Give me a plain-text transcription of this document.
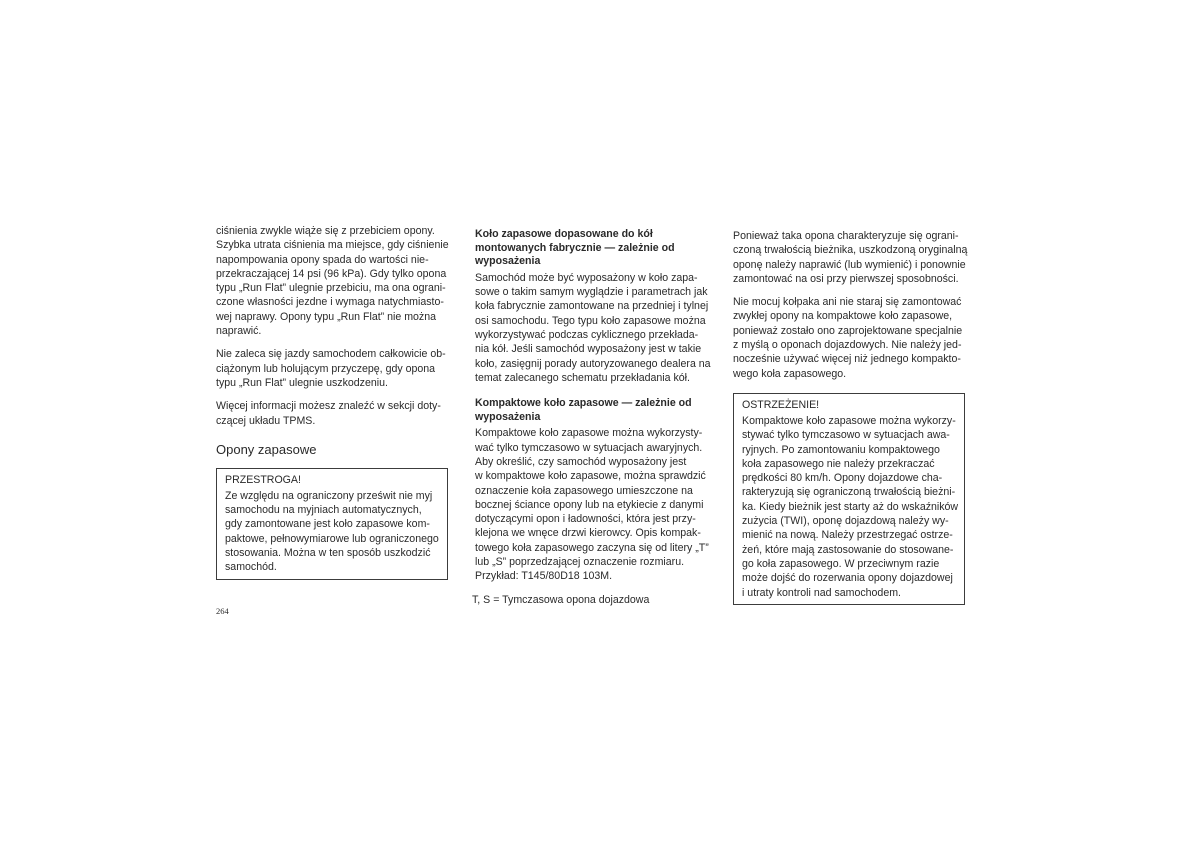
ciśnienia zwykle wiąże się z przebiciem opony.
Szybka utrata ciśnienia ma miejsce, gdy ciśnienie
napompowania opony spada do wartości nie-
przekraczającej 14 psi (96 kPa). Gdy tylko opona
typu „Run Flat” ulegnie przebiciu, ma ona ograni-
czone własności jezdne i wymaga natychmiasto-
wej naprawy. Opony typu „Run Flat” nie można
naprawić.

Nie zaleca się jazdy samochodem całkowicie ob-
ciążonym lub holującym przyczepę, gdy opona
typu „Run Flat” ulegnie uszkodzeniu.

Więcej informacji możesz znaleźć w sekcji doty-
czącej układu TPMS.

Opony zapasowe
PRZESTROGA!

Ze względu na ograniczony prześwit nie myj
samochodu na myjniach automatycznych,
gdy zamontowane jest koło zapasowe kom-
paktowe, pełnowymiarowe lub ograniczonego
stosowania. Można w ten sposób uszkodzić
samochód.

Koło zapasowe dopasowane do kół
montowanych fabrycznie — zależnie od
wyposażenia

Samochód może być wyposażony w koło zapa-
sowe o takim samym wyglądzie i parametrach jak
koła fabrycznie zamontowane na przedniej i tylnej
osi samochodu. Tego typu koło zapasowe można
wykorzystywać podczas cyklicznego przekłada-
nia kół. Jeśli samochód wyposażony jest w takie
koło, zasięgnij porady autoryzowanego dealera na
temat zalecanego schematu przekładania kół.

Kompaktowe koło zapasowe — zależnie od
wyposażenia

Kompaktowe koło zapasowe można wykorzysty-
wać tylko tymczasowo w sytuacjach awaryjnych.
Aby określić, czy samochód wyposażony jest
w kompaktowe koło zapasowe, można sprawdzić
oznaczenie koła zapasowego umieszczone na
bocznej ściance opony lub na etykiecie z danymi
dotyczącymi opon i ładowności, która jest przy-
klejona we wnęce drzwi kierowcy. Opis kompak-
towego koła zapasowego zaczyna się od litery „T”
lub „S” poprzedzającej oznaczenie rozmiaru.
Przykład: T145/80D18 103M.

T, S = Tymczasowa opona dojazdowa

Ponieważ taka opona charakteryzuje się ograni-
czoną trwałością bieżnika, uszkodzoną oryginalną
oponę należy naprawić (lub wymienić) i ponownie
zamontować na osi przy pierwszej sposobności.

Nie mocuj kołpaka ani nie staraj się zamontować
zwykłej opony na kompaktowe koło zapasowe,
ponieważ zostało ono zaprojektowane specjalnie
z myślą o oponach dojazdowych. Nie należy jed-
nocześnie używać więcej niż jednego kompakto-
wego koła zapasowego.

OSTRZEŻENIE!

Kompaktowe koło zapasowe można wykorzy-
stywać tylko tymczasowo w sytuacjach awa-
ryjnych. Po zamontowaniu kompaktowego
koła zapasowego nie należy przekraczać
prędkości 80 km/h. Opony dojazdowe cha-
rakteryzują się ograniczoną trwałością bieżni-
ka. Kiedy bieżnik jest starty aż do wskaźników
zużycia (TWI), oponę dojazdową należy wy-
mienić na nową. Należy przestrzegać ostrze-
żeń, które mają zastosowanie do stosowane-
go koła zapasowego. W przeciwnym razie
może dojść do rozerwania opony dojazdowej
i utraty kontroli nad samochodem.

264
